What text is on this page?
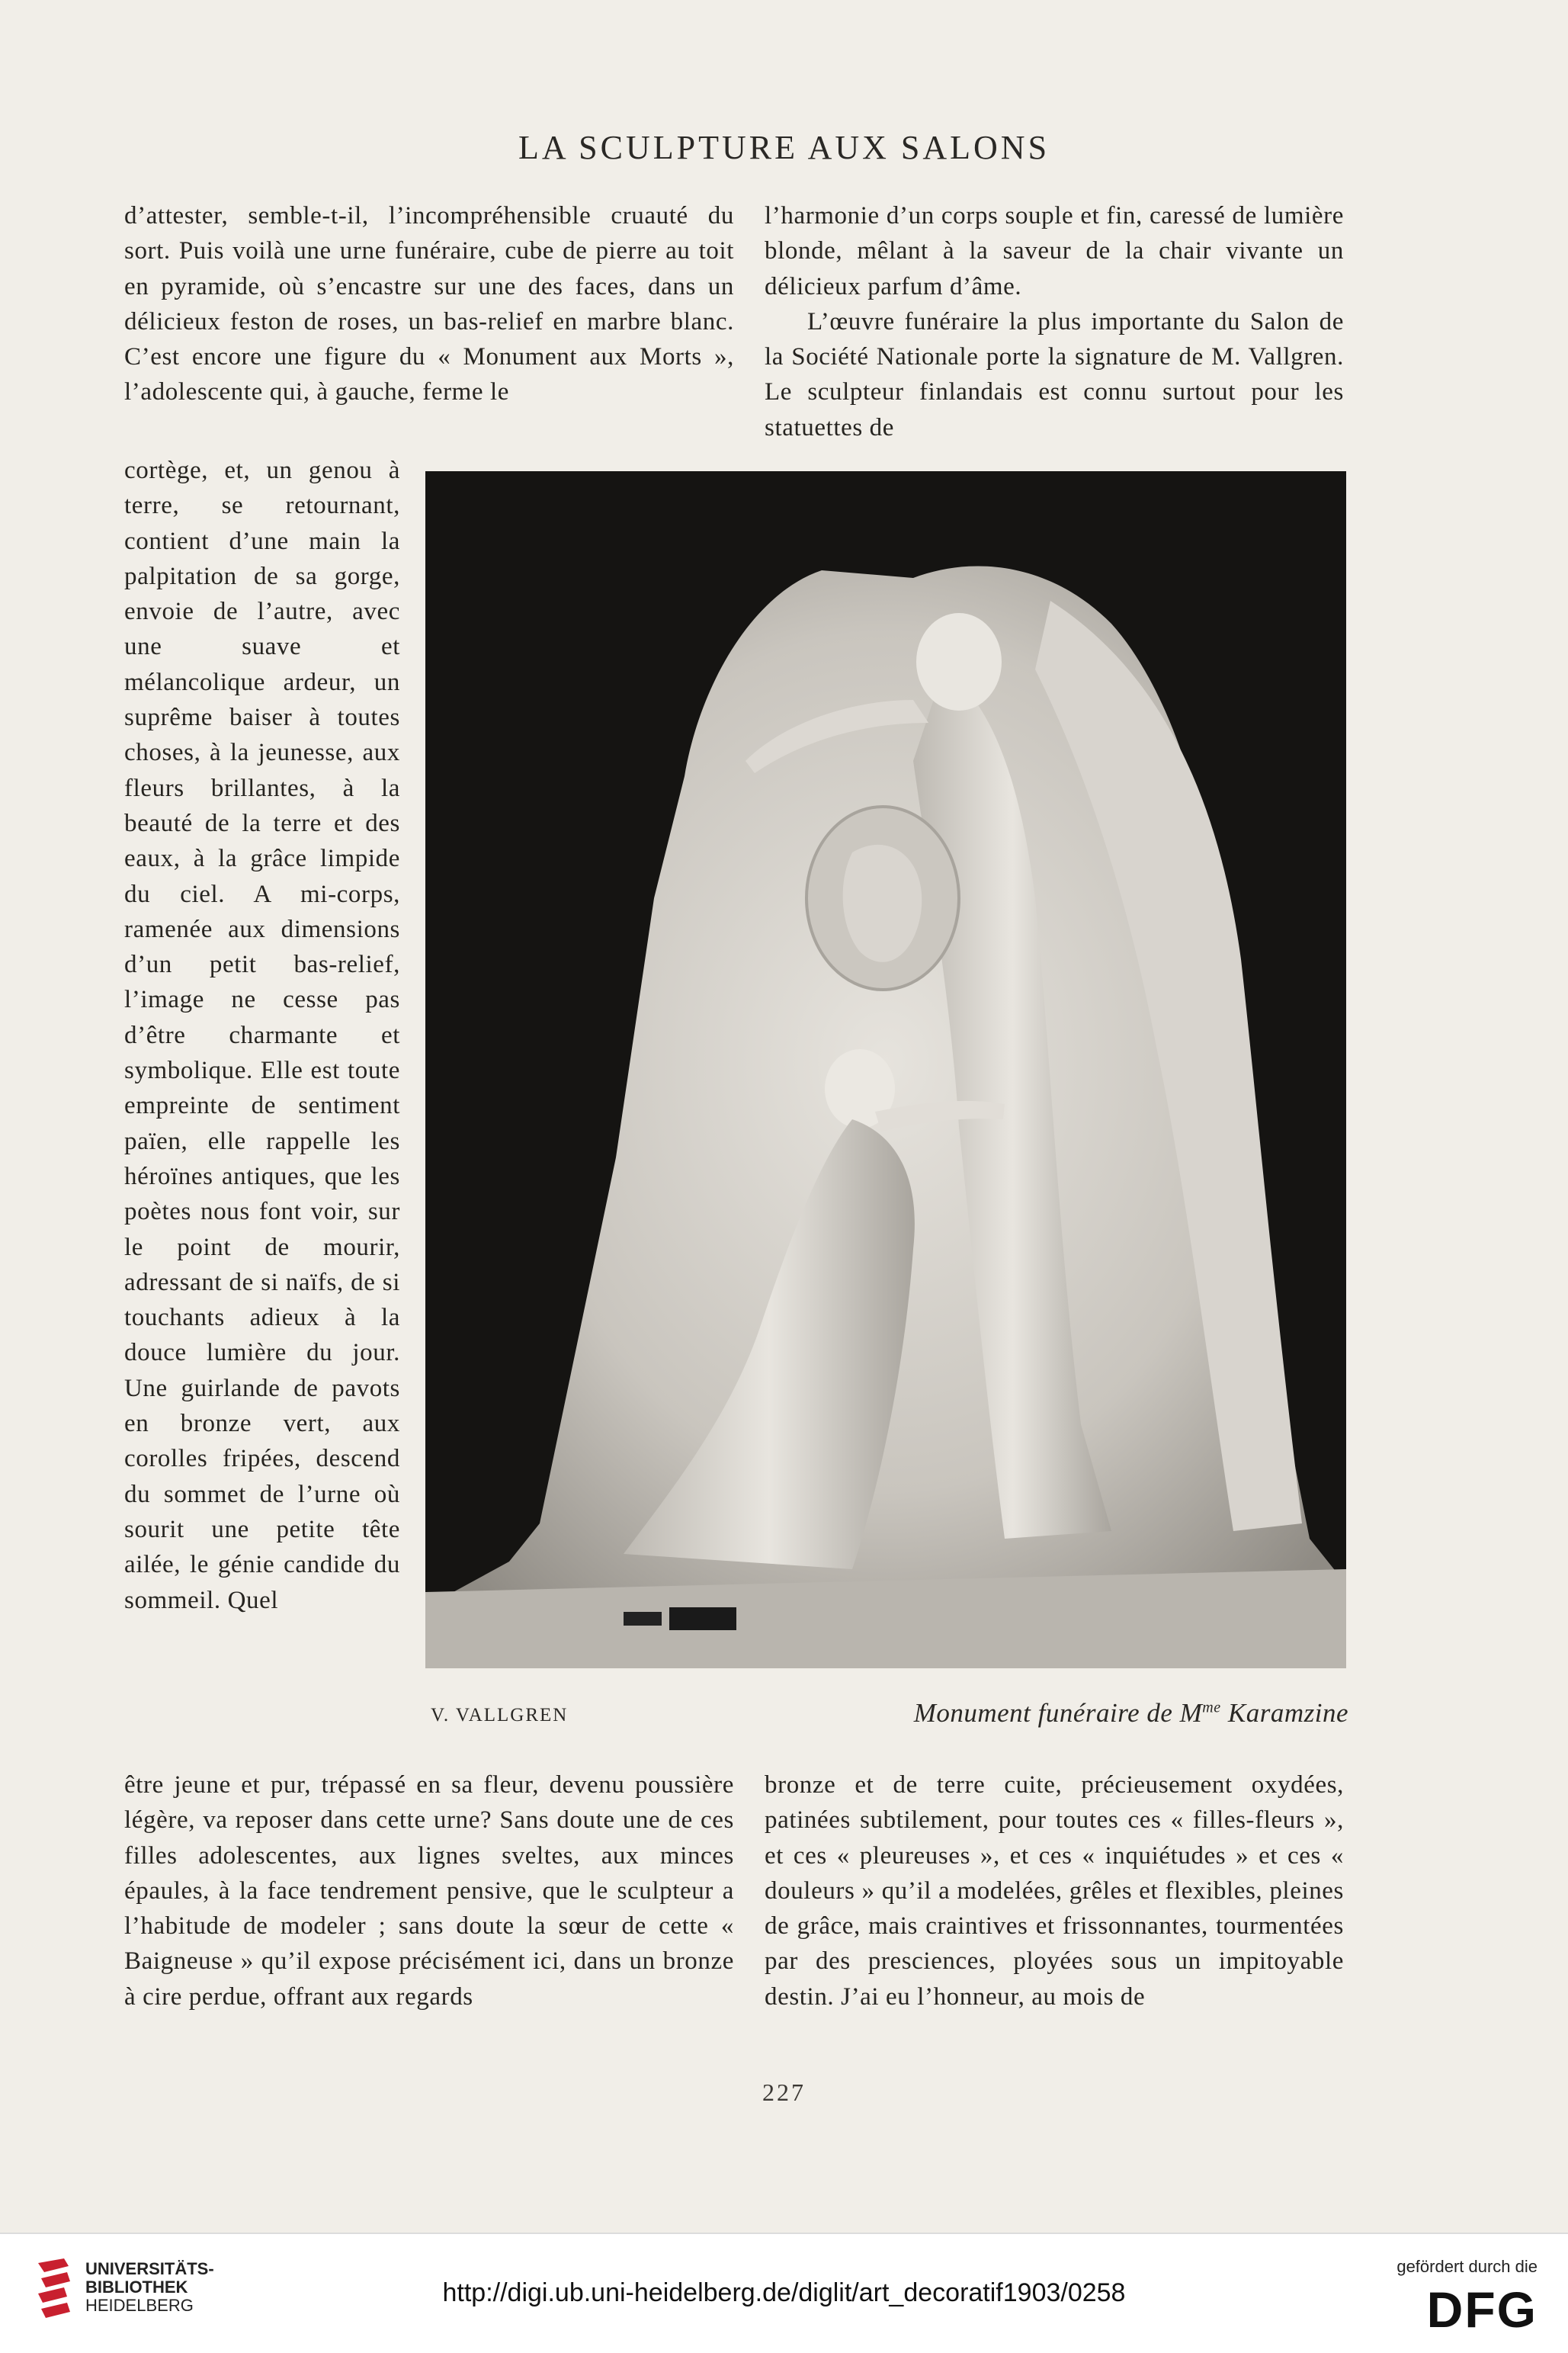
LA SCULPTURE AUX SALONS

d’attester, semble-t-il, l’incompréhensible cruauté du sort. Puis voilà une urne funéraire, cube de pierre au toit en pyramide, où s’encastre sur une des faces, dans un délicieux feston de roses, un bas-relief en marbre blanc. C’est encore une figure du « Monument aux Morts », l’adolescente qui, à gauche, ferme le

l’harmonie d’un corps souple et fin, caressé de lumière blonde, mêlant à la saveur de la chair vivante un délicieux parfum d’âme.

L’œuvre funéraire la plus importante du Salon de la Société Nationale porte la signature de M. Vallgren. Le sculpteur finlandais est connu surtout pour les statuettes de

cortège, et, un genou à terre, se retournant, contient d’une main la palpitation de sa gorge, envoie de l’autre, avec une suave et mélancolique ardeur, un suprême baiser à toutes choses, à la jeunesse, aux fleurs brillantes, à la beauté de la terre et des eaux, à la grâce limpide du ciel. A mi-corps, ramenée aux dimensions d’un petit bas-relief, l’image ne cesse pas d’être charmante et symbolique. Elle est toute empreinte de sentiment païen, elle rappelle les héroïnes antiques, que les poètes nous font voir, sur le point de mourir, adressant de si naïfs, de si touchants adieux à la douce lumière du jour. Une guirlande de pavots en bronze vert, aux corolles fripées, descend du sommet de l’urne où sourit une petite tête ailée, le génie candide du sommeil. Quel

V. VALLGREN	Monument funéraire de $M^{me}$ Karamzine

être jeune et pur, trépassé en sa fleur, devenu poussière légère, va reposer dans cette urne? Sans doute une de ces filles adolescentes, aux lignes sveltes, aux minces épaules, à la face tendrement pensive, que le sculpteur a l’habitude de modeler ; sans doute la sœur de cette « Baigneuse » qu’il expose précisément ici, dans un bronze à cire perdue, offrant aux regards

bronze et de terre cuite, précieusement oxydées, patinées subtilement, pour toutes ces « filles-fleurs », et ces « pleureuses », et ces « inquiétudes » et ces « douleurs » qu’il a modelées, grêles et flexibles, pleines de grâce, mais craintives et frissonnantes, tourmentées par des presciences, ployées sous un impitoyable destin. J’ai eu l’honneur, au mois de

227
UNIVERSITÄTS-
BIBLIOTHEK
HEIDELBERG	http://digi.ub.uni-heidelberg.de/diglit/art_decoratif1903/0258
gefördert durch die
DFG
